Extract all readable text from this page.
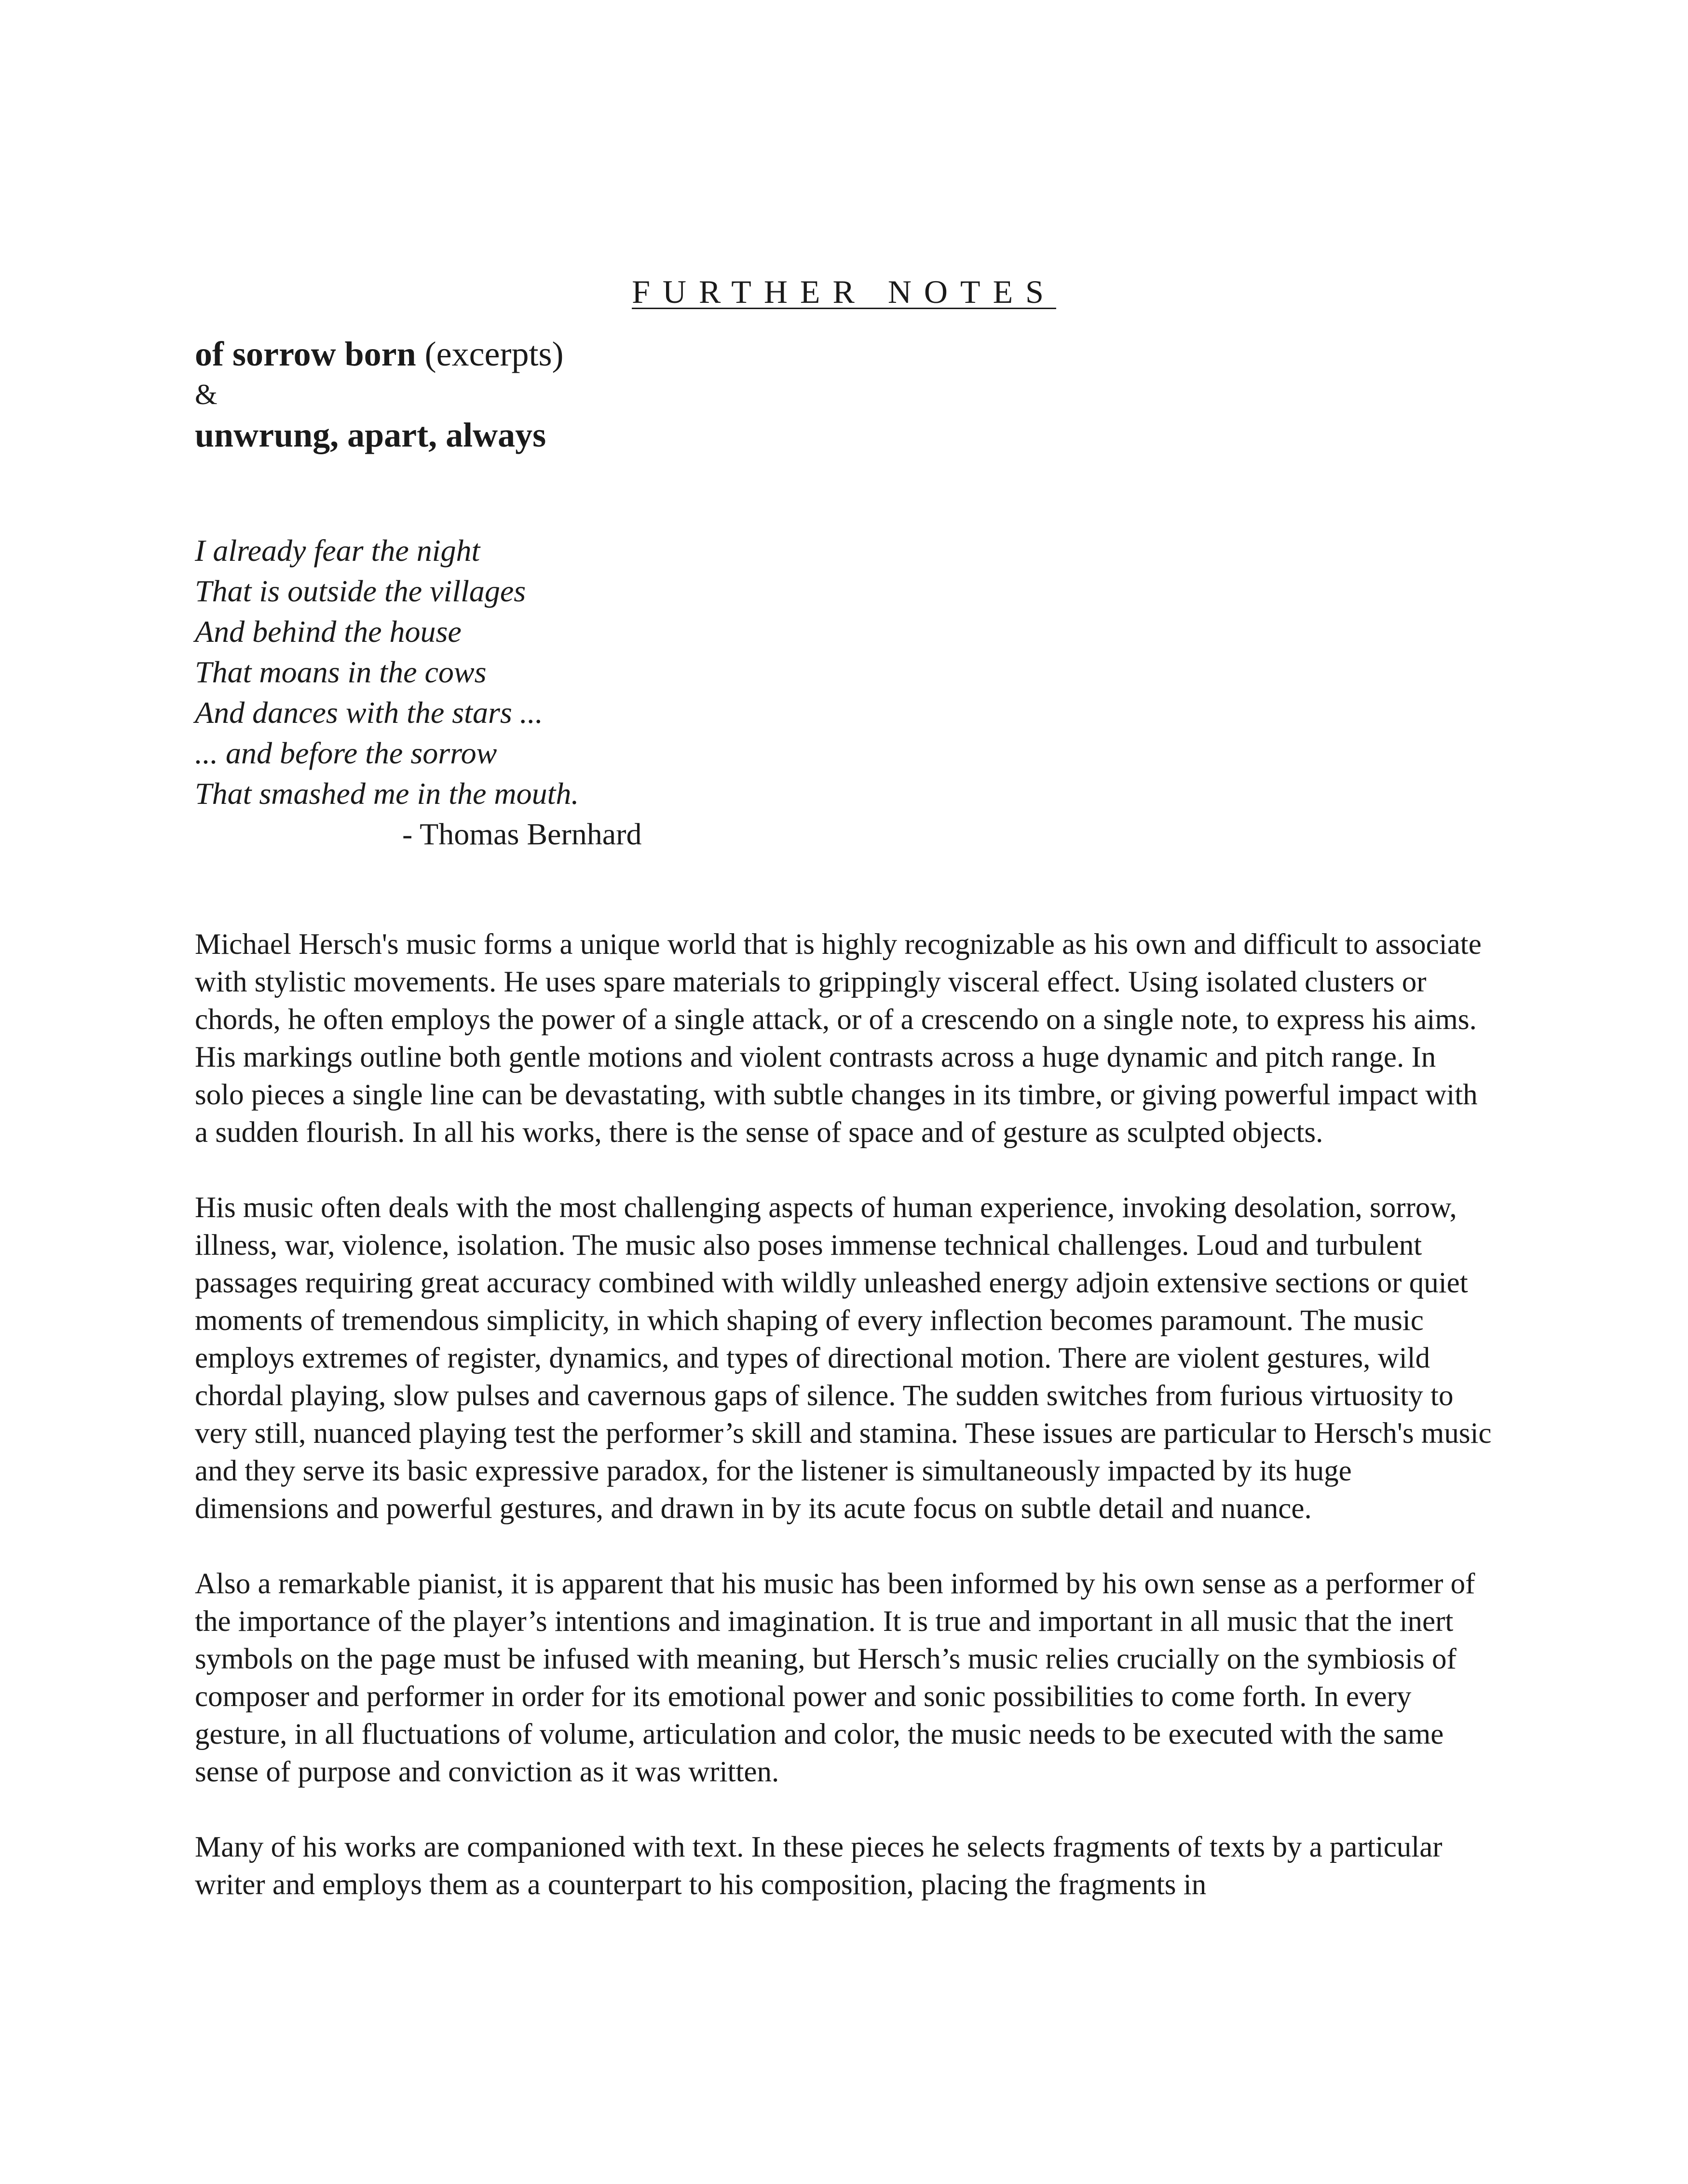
FURTHER NOTES

of sorrow born (excerpts)

&

unwrung, apart, always

I already fear the night

That is outside the villages

And behind the house

That moans in the cows

And dances with the stars ...

... and before the sorrow

That smashed me in the mouth.

- Thomas Bernhard

Michael Hersch's music forms a unique world that is highly recognizable as his own and difficult to associate with stylistic movements. He uses spare materials to grippingly visceral effect. Using isolated clusters or chords, he often employs the power of a single attack, or of a crescendo on a single note, to express his aims. His markings outline both gentle motions and violent contrasts across a huge dynamic and pitch range. In solo pieces a single line can be devastating, with subtle changes in its timbre, or giving powerful impact with a sudden flourish. In all his works, there is the sense of space and of gesture as sculpted objects.

His music often deals with the most challenging aspects of human experience, invoking desolation, sorrow, illness, war, violence, isolation. The music also poses immense technical challenges. Loud and turbulent passages requiring great accuracy combined with wildly unleashed energy adjoin extensive sections or quiet moments of tremendous simplicity, in which shaping of every inflection becomes paramount. The music employs extremes of register, dynamics, and types of directional motion. There are violent gestures, wild chordal playing, slow pulses and cavernous gaps of silence. The sudden switches from furious virtuosity to very still, nuanced playing test the performer’s skill and stamina. These issues are particular to Hersch's music and they serve its basic expressive paradox, for the listener is simultaneously impacted by its huge dimensions and powerful gestures, and drawn in by its acute focus on subtle detail and nuance.

Also a remarkable pianist, it is apparent that his music has been informed by his own sense as a performer of the importance of the player’s intentions and imagination. It is true and important in all music that the inert symbols on the page must be infused with meaning, but Hersch’s music relies crucially on the symbiosis of composer and performer in order for its emotional power and sonic possibilities to come forth. In every gesture, in all fluctuations of volume, articulation and color, the music needs to be executed with the same sense of purpose and conviction as it was written.

Many of his works are companioned with text. In these pieces he selects fragments of texts by a particular writer and employs them as a counterpart to his composition, placing the fragments in
